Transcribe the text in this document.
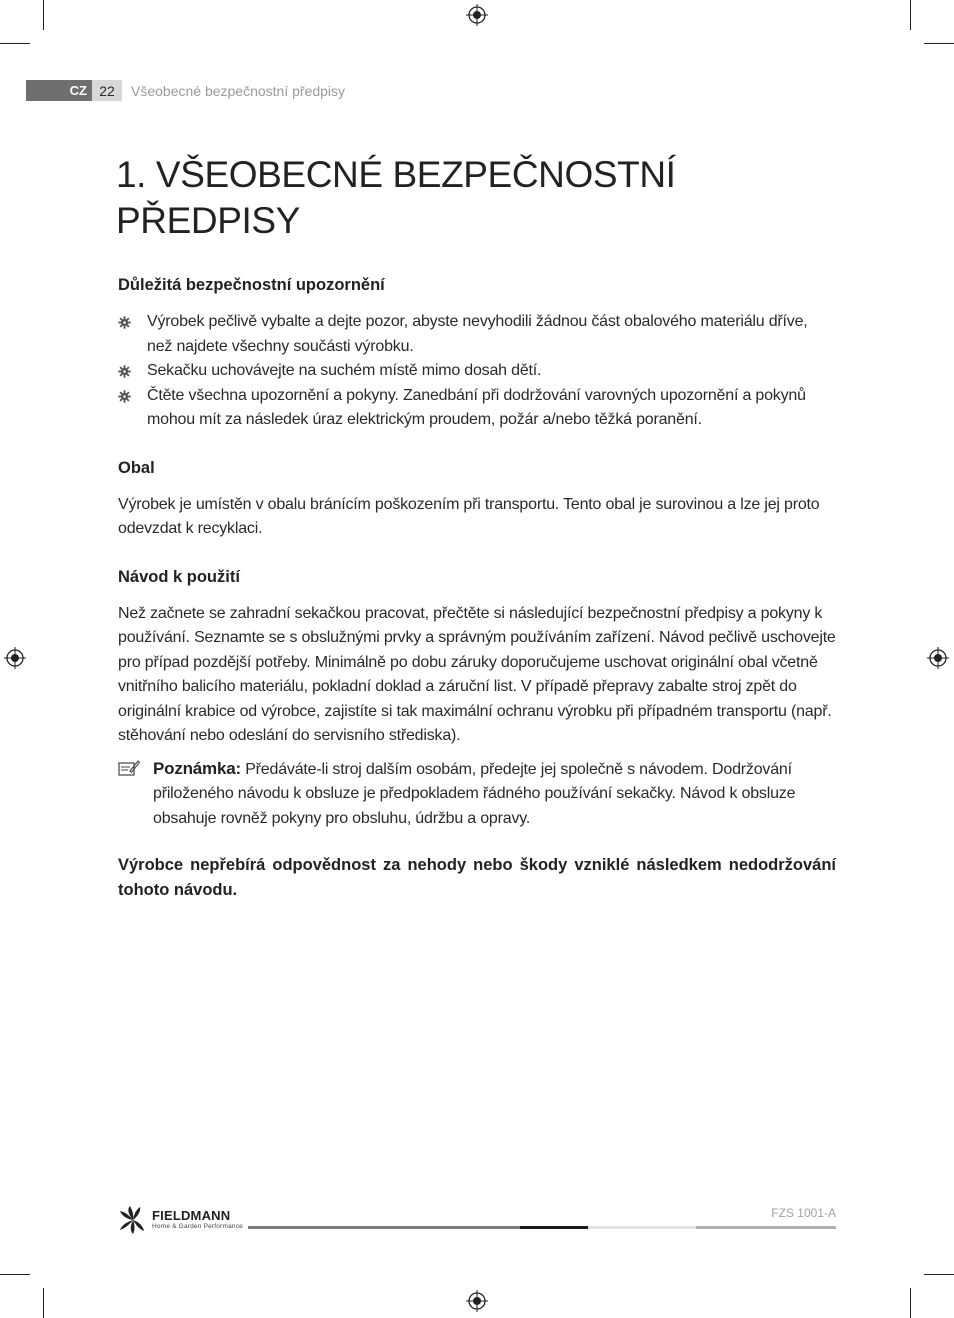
CZ 22	Všeobecné bezpečnostní předpisy
1. VŠEOBECNÉ BEZPEČNOSTNÍ PŘEDPISY
Důležitá bezpečnostní upozornění
Výrobek pečlivě vybalte a dejte pozor, abyste nevyhodili žádnou část obalového materiálu dříve, než najdete všechny součásti výrobku.
Sekačku uchovávejte na suchém místě mimo dosah dětí.
Čtěte všechna upozornění a pokyny. Zanedbání při dodržování varovných upozornění a pokynů mohou mít za následek úraz elektrickým proudem, požár a/nebo těžká poranění.
Obal

Výrobek je umístěn v obalu bránícím poškozením při transportu. Tento obal je surovinou a lze jej proto odevzdat k recyklaci.

Návod k použití

Než začnete se zahradní sekačkou pracovat, přečtěte si následující bezpečnostní předpisy a pokyny k používání. Seznamte se s obslužnými prvky a správným používáním zařízení. Návod pečlivě uschovejte pro případ pozdější potřeby. Minimálně po dobu záruky doporučujeme uschovat originální obal včetně vnitřního balicího materiálu, pokladní doklad a záruční list. V případě přepravy zabalte stroj zpět do originální krabice od výrobce, zajistíte si tak maximální ochranu výrobku při případném transportu (např. stěhování nebo odeslání do servisního střediska).

Poznámka: Předáváte-li stroj dalším osobám, předejte jej společně s návodem. Dodržování přiloženého návodu k obsluze je předpokladem řádného používání sekačky. Návod k obsluze obsahuje rovněž pokyny pro obsluhu, údržbu a opravy.
Výrobce nepřebírá odpovědnost za nehody nebo škody vzniklé následkem nedodržování tohoto návodu.
FIELDMANN
Home & Garden Performance
FZS 1001-A
